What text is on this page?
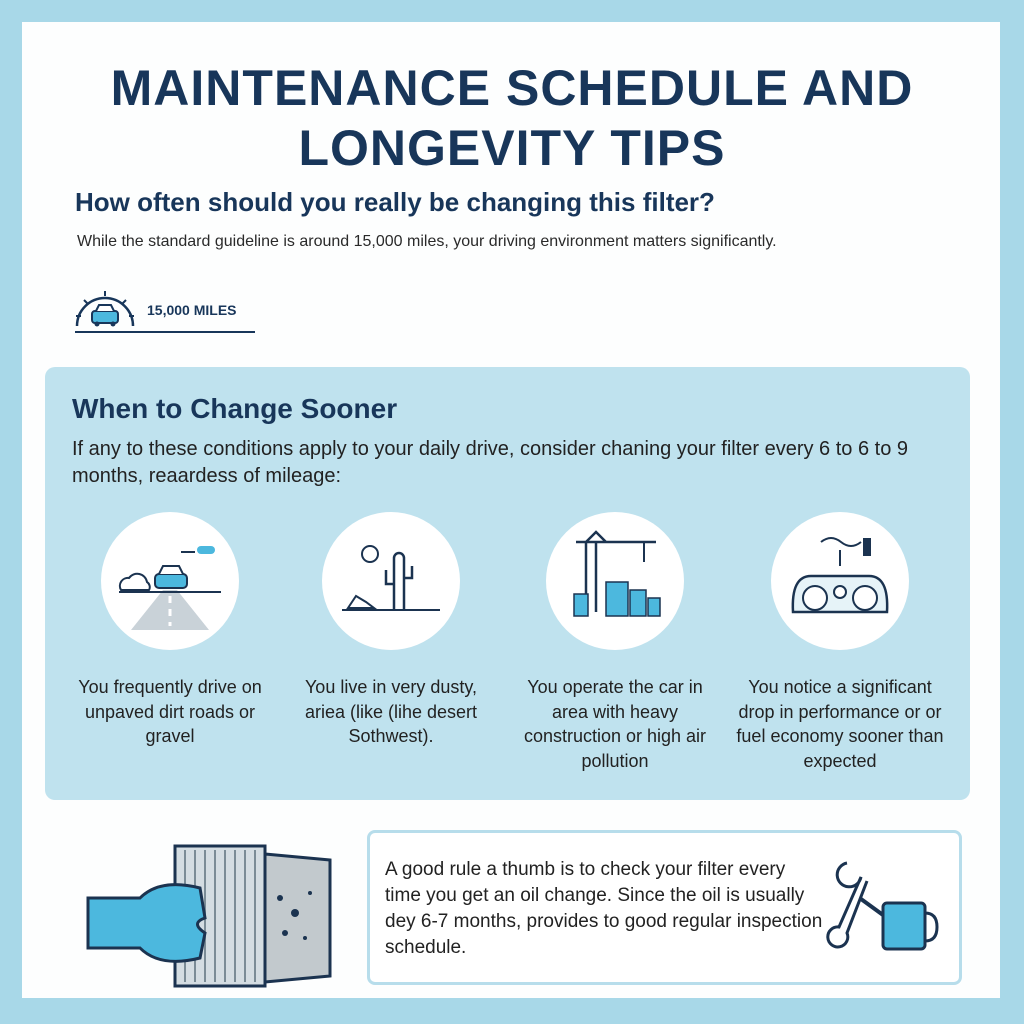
MAINTENANCE SCHEDULE AND
LONGEVITY TIPS
How often should you really be changing this filter?
While the standard guideline is around 15,000 miles, your driving environment matters significantly.
15,000 MILES
When to Change Sooner
If any to these conditions apply to your daily drive, consider chaning your filter every 6 to 6 to 9 months, reaardess of mileage:
You frequently drive on unpaved dirt roads or gravel
You live in very dusty, ariea (like (lihe desert Sothwest).
You operate the car in area with heavy construction or high air pollution
You notice a significant drop in performance or or fuel economy sooner than expected
A good rule a thumb is to check your filter every time you get an oil change. Since the oil is usually dey 6-7 months, provides to good regular inspection schedule.
